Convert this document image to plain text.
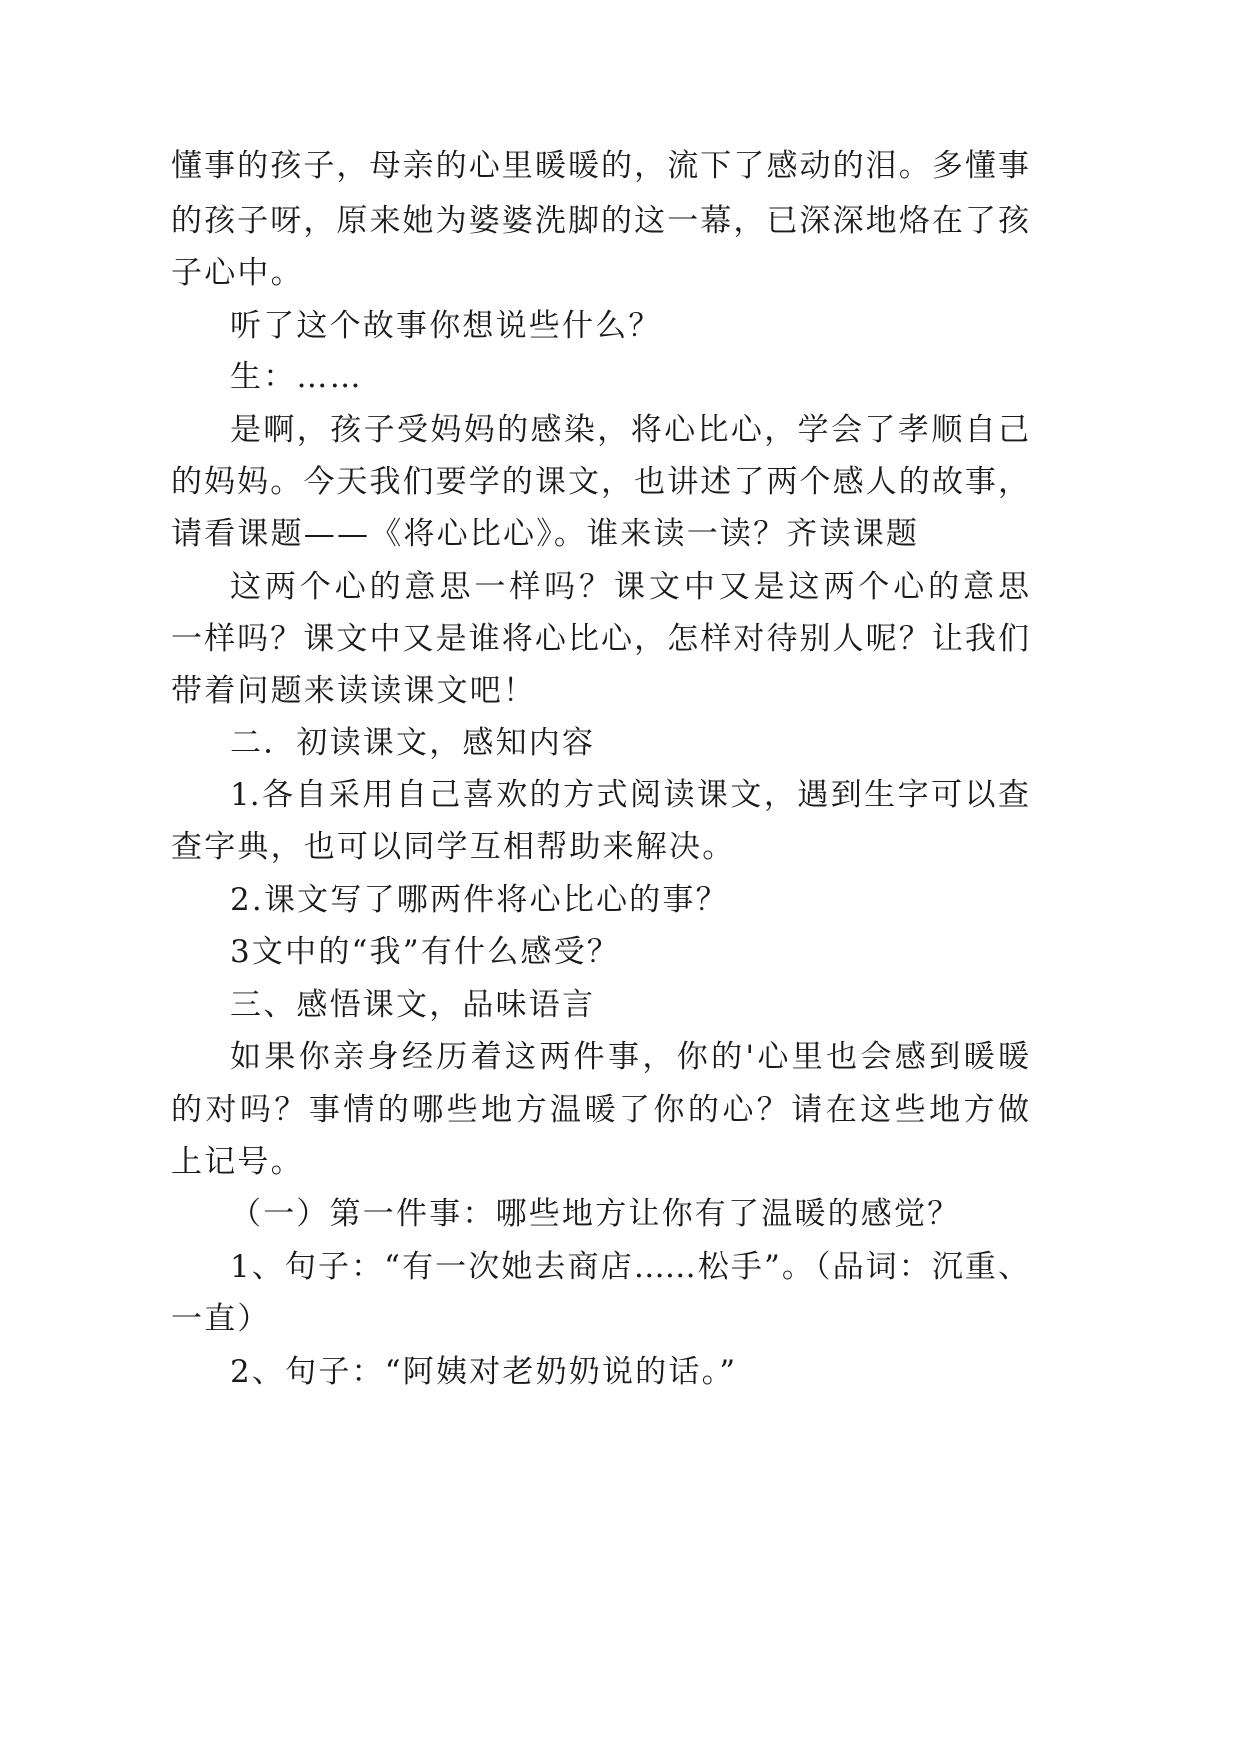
懂事的孩子，母亲的心里暖暖的，流下了感动的泪。多懂事

的孩子呀，原来她为婆婆洗脚的这一幕，已深深地烙在了孩

子心中。

听了这个故事你想说些什么？

生：……

是啊，孩子受妈妈的感染，将心比心，学会了孝顺自己

的妈妈。今天我们要学的课文，也讲述了两个感人的故事，

请看课题——《将心比心》。谁来读一读？齐读课题

这两个心的意思一样吗？课文中又是这两个心的意思

一样吗？课文中又是谁将心比心，怎样对待别人呢？让我们

带着问题来读读课文吧！

二．初读课文，感知内容

1.各自采用自己喜欢的方式阅读课文，遇到生字可以查

查字典，也可以同学互相帮助来解决。

2.课文写了哪两件将心比心的事？

3文中的“我”有什么感受？

三、感悟课文，品味语言

如果你亲身经历着这两件事，你的'心里也会感到暖暖

的对吗？事情的哪些地方温暖了你的心？请在这些地方做

上记号。

（一）第一件事：哪些地方让你有了温暖的感觉？

1、句子：“有一次她去商店……松手”。（品词：沉重、

一直）

2、句子：“阿姨对老奶奶说的话。”
